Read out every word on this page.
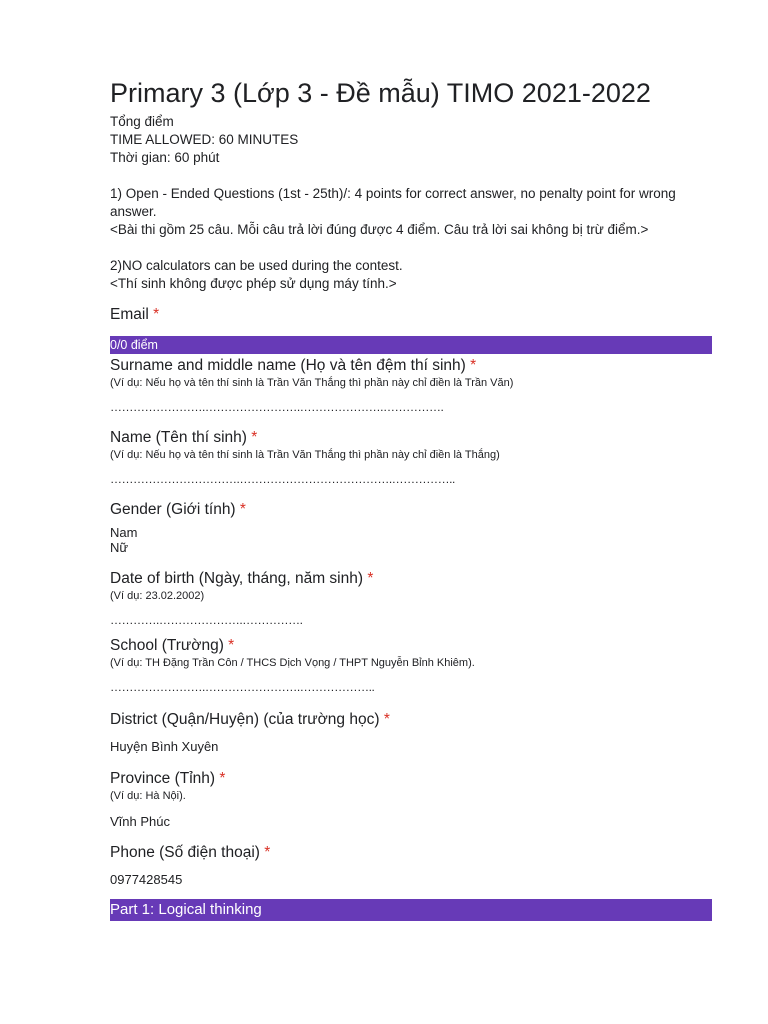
Primary 3 (Lớp 3 - Đề mẫu) TIMO 2021-2022

Tổng điểm

TIME ALLOWED: 60 MINUTES

Thời gian: 60 phút

1) Open - Ended Questions (1st - 25th)/: 4 points for correct answer, no penalty point for wrong answer.

<Bài thi gồm 25 câu. Mỗi câu trả lời đúng được 4 điểm. Câu trả lời sai không bị trừ điểm.>

2)NO calculators can be used during the contest.

<Thí sinh không được phép sử dụng máy tính.>

Email *

0/0 điểm

Surname and middle name (Họ và tên đệm thí sinh) *

(Ví dụ: Nếu họ và tên thí sinh là Trần Văn Thắng thì phần này chỉ điền là Trần Văn)

…………………….…………………….………………….…………….

Name (Tên thí sinh) *

(Ví dụ: Nếu họ và tên thí sinh là Trần Văn Thắng thì phần này chỉ điền là Thắng)

…………………………….………………………………….……………..

Gender (Giới tính) *

Nam

Nữ

Date of birth (Ngày, tháng, năm sinh) *

(Ví dụ: 23.02.2002)

………….………………….…………….

School (Trường) *

(Ví dụ: TH Đặng Trần Côn / THCS Dịch Vọng / THPT Nguyễn Bỉnh Khiêm).

…………………….…………………….………………..

District (Quận/Huyện) (của trường học) *

Huyện Bình Xuyên

Province (Tỉnh) *

(Ví dụ: Hà Nội).

Vĩnh Phúc

Phone (Số điện thoại) *

0977428545

Part 1: Logical thinking
